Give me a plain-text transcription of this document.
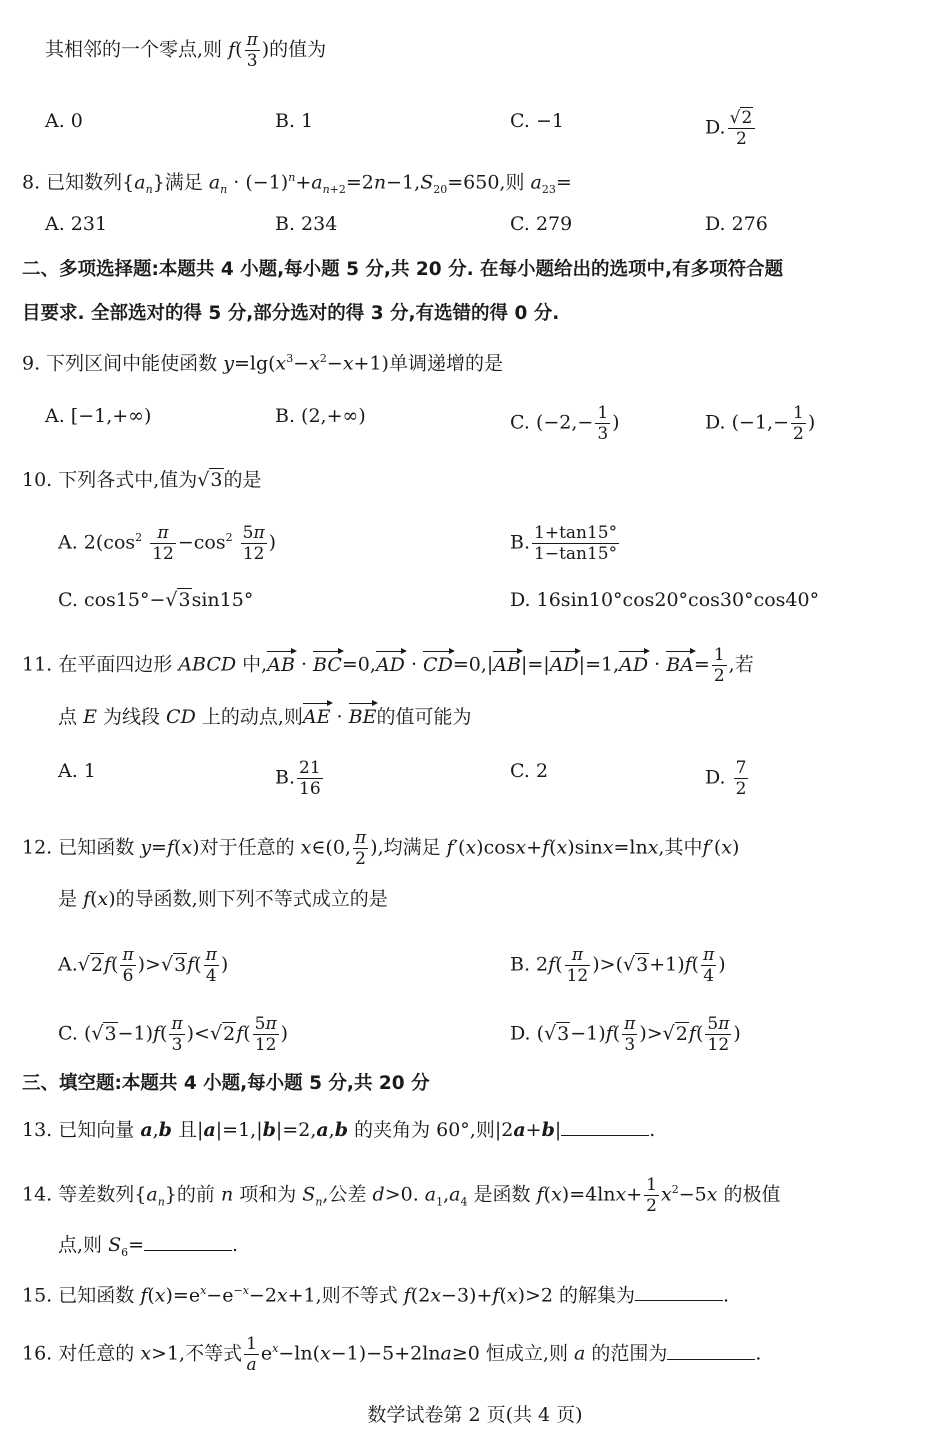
其相邻的一个零点,则 $f( \frac{\pi}{3}$ )的值为
A. 0	B. 1	C. −1	D. $\frac{√2}{2}$
8. 已知数列$\{a_n\}$满足 $a_n \cdot (-1)^n+a_{n+2}=2n-1,S_{20}=650$,则 $a_{23}=$
A. 231	B. 234	C. 279	D. 276
二、多项选择题:本题共 4 小题,每小题 5 分,共 20 分. 在每小题给出的选项中,有多项符合题
目要求. 全部选对的得 5 分,部分选对的得 3 分,有选错的得 0 分.
9. 下列区间中能使函数 $y=\lg(x^3-x^2-x+1)$单调递增的是
A. [−1,+∞)	B. (2,+∞)	C. ($-2,- \frac{1}{3}$ )	D. ($-1,- \frac{1}{2}$ )
10. 下列各式中,值为√3的是
A. $2(\cos^2 \frac{\pi}{12} -\cos^2 \frac{5\pi}{12}$ )	B. $\frac{1+\tan 15^\circ}{1-\tan 15^\circ}$
C. cos15°−√3sin15°	D. 16sin10°cos20°cos30°cos40°
11. 在平面四边形 ABCD 中$,AB \cdot BC=0,AD \cdot CD=0,|AB|=|AD|=1,AD \cdot BA= \frac{1}{2}$ ,若
点 E 为线段 CD 上的动点,则AE · BE的值可能为
A. 1	B. $\frac{21}{16}$	C. 2	D. $\frac{7}{2}$
12. 已知函数 y=f(x)对于任意的 x∈(0, $\frac{\pi}{2}$ ),均满足 f′(x)cosx+f(x)sinx=lnx,其中f′(x)
是 f(x)的导函数,则下列不等式成立的是
$A.√2f( \frac{\pi}{6} )>√3f( \frac{\pi}{4}$ )	B. $2f( \frac{\pi}{12} )>(√3+1)f( \frac{\pi}{4}$ )
C. $(√3-1)f( \frac{\pi}{3} )<√2f( \frac{5\pi}{12}$ )	D. $(√3-1)f( \frac{\pi}{3} )>√2f( \frac{5\pi}{12}$ )
三、填空题:本题共 4 小题,每小题 5 分,共 20 分
13. 已知向量 a,b 且|a|=1,|b|=2,a,b 的夹角为 60°,则|2a+b|	.
14. 等差数列$\{a_n\}$的前 n 项和为 $S_n$,公差 d>0. $a_1,a_4$ 是函数 $f(x)=4\ln x+ \frac{1}{2} x^2-5x$ 的极值
点,则 $S_6=$	.
15. 已知函数 $f(x)=e^x-e^{-x}-2x+1$,则不等式 f(2x−3)+f(x)>2 的解集为	.
16. 对任意的 x>1,不等式 $\frac{1}{a} e^x-\ln(x-1)-5+2\ln a\ge 0$ 恒成立,则 a 的范围为	.
数学试卷第 2 页(共 4 页)
